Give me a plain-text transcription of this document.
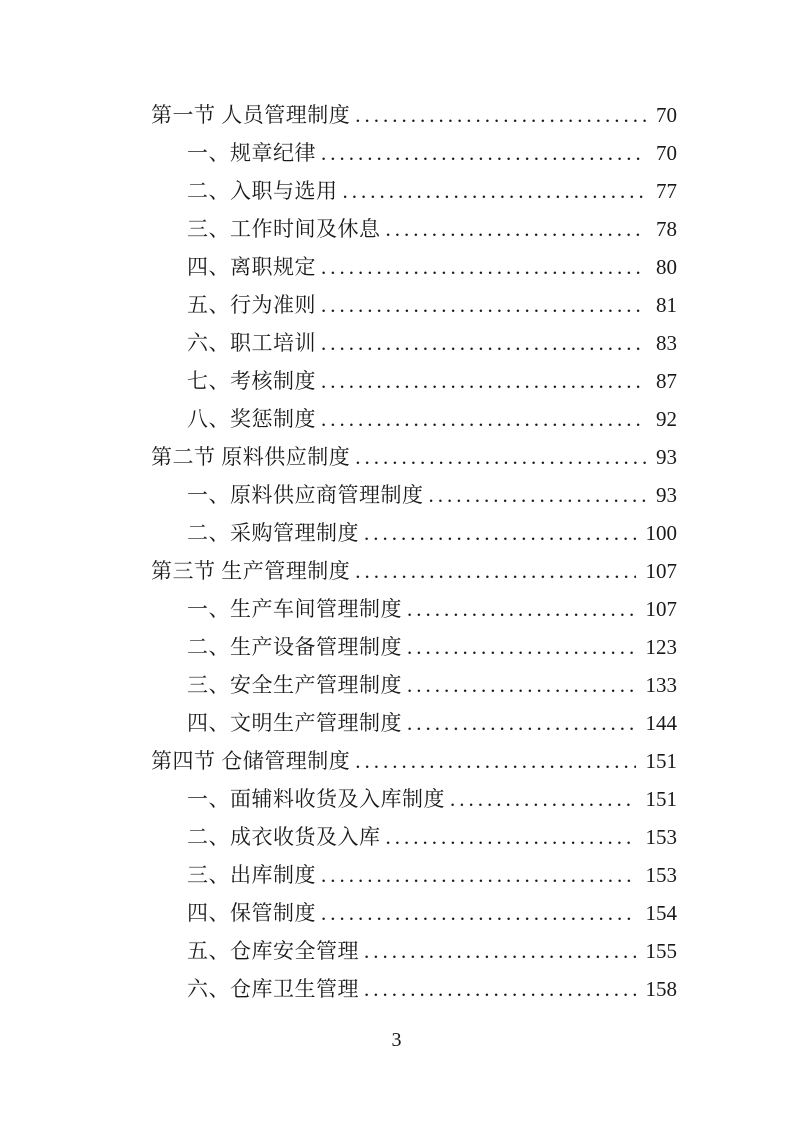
第一节 人员管理制度 .....	70
一、规章纪律 .....	70
二、入职与选用 .....	77
三、工作时间及休息 .....	78
四、离职规定 .....	80
五、行为准则 .....	81
六、职工培训 .....	83
七、考核制度 .....	87
八、奖惩制度 .....	92
第二节 原料供应制度 .....	93
一、原料供应商管理制度 .....	93
二、采购管理制度 .....	100
第三节 生产管理制度 .....	107
一、生产车间管理制度 .....	107
二、生产设备管理制度 .....	123
三、安全生产管理制度 .....	133
四、文明生产管理制度 .....	144
第四节 仓储管理制度 .....	151
一、面辅料收货及入库制度 .....	151
二、成衣收货及入库 .....	153
三、出库制度 .....	153
四、保管制度 .....	154
五、仓库安全管理 .....	155
六、仓库卫生管理 .....	158
3
